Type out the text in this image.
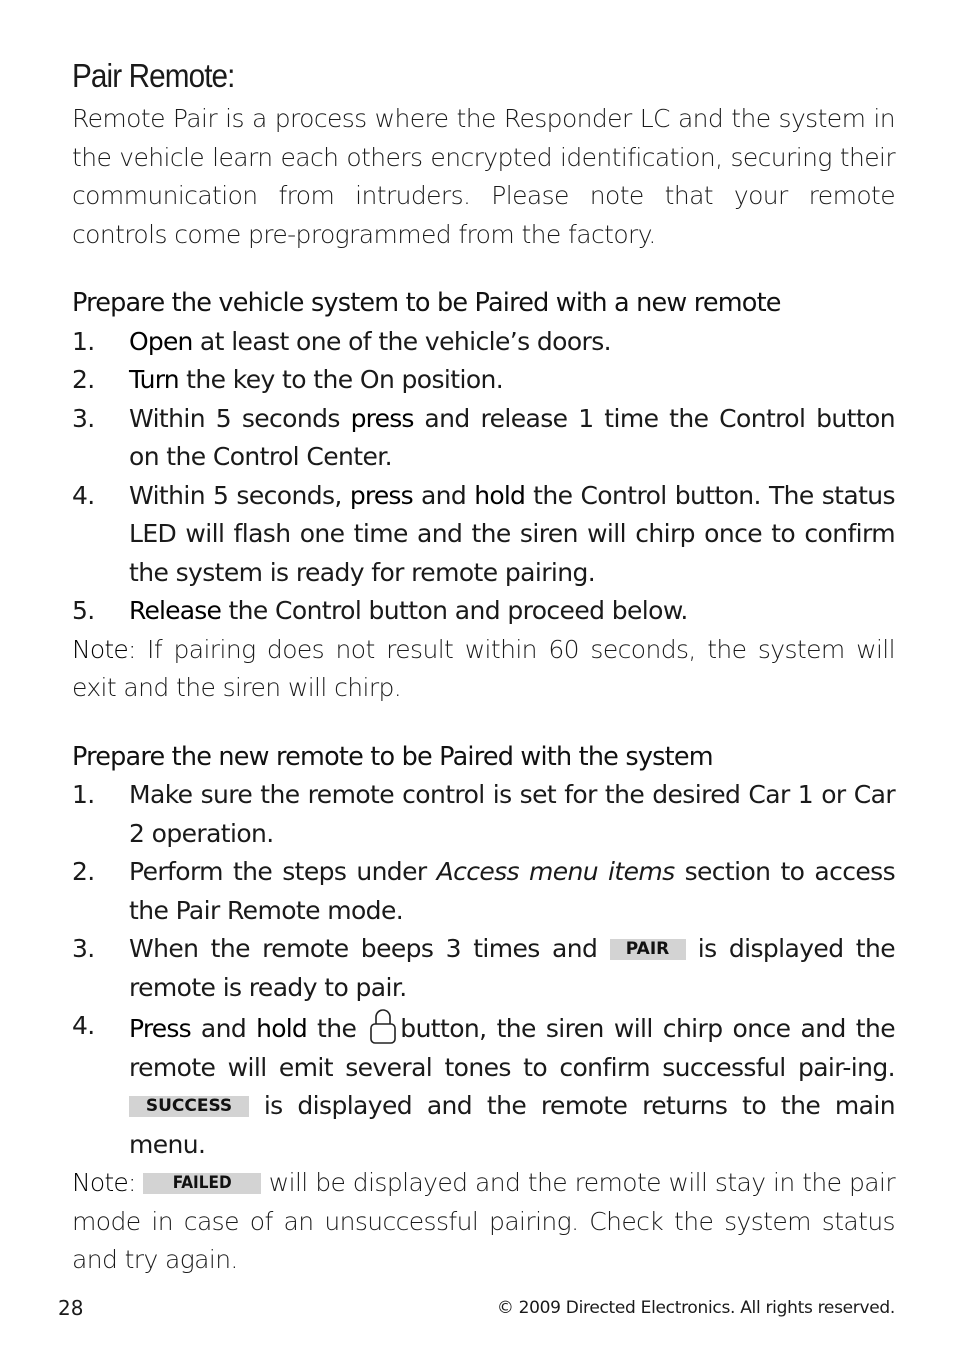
Pair Remote:

Remote Pair is a process where the Responder LC and the system in the vehicle learn each others encrypted identification, securing their communication from intruders. Please note that your remote controls come pre-programmed from the factory.

Prepare the vehicle system to be Paired with a new remote

1. Open at least one of the vehicle’s doors.
2. Turn the key to the On position.
3. Within 5 seconds press and release 1 time the Control button on the Control Center.
4. Within 5 seconds, press and hold the Control button. The status LED will flash one time and the siren will chirp once to confirm the system is ready for remote pairing.
5. Release the Control button and proceed below.

Note: If pairing does not result within 60 seconds, the system will exit and the siren will chirp.

Prepare the new remote to be Paired with the system

1. Make sure the remote control is set for the desired Car 1 or Car 2 operation.
2. Perform the steps under Access menu items section to access the Pair Remote mode.
3. When the remote beeps 3 times and PAIR is displayed the remote is ready to pair.
4. Press and hold the button, the siren will chirp once and the remote will emit several tones to confirm successful pair-ing. SUCCESS is displayed and the remote returns to the main menu.

Note: FAILED will be displayed and the remote will stay in the pair mode in case of an unsuccessful pairing. Check the system status and try again.

28	© 2009 Directed Electronics. All rights reserved.
